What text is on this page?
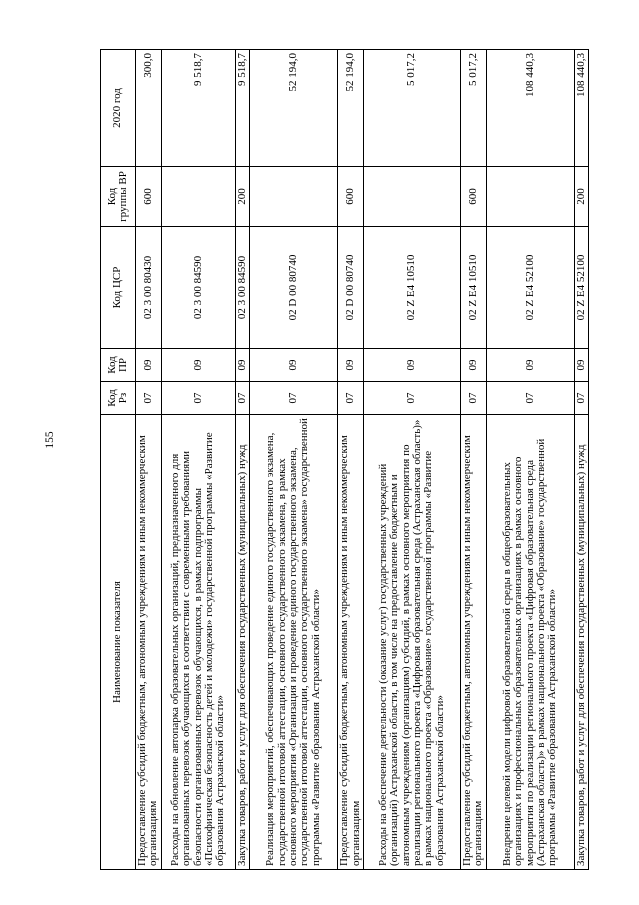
155
Наименование показателя	Код Рз	Код ПР	Код ЦСР	Код группы ВР	2020 год
Предоставление субсидий бюджетным, автономным учреждениям и иным некоммерческим организациям	07	09	02 3 00 80430	600	300,0
Расходы на обновление автопарка образовательных организаций, предназначенного для организованных перевозок обучающихся в соответствии с современными требованиями безопасности организованных перевозок обучающихся, в рамках подпрограммы «Психофизическая безопасность детей и молодежи» государственной программы «Развитие образования Астраханской области»	07	09	02 3 00 84590		9 518,7
Закупка товаров, работ и услуг для обеспечения государственных (муниципальных) нужд	07	09	02 3 00 84590	200	9 518,7
Реализация мероприятий, обеспечивающих проведение единого государственного экзамена, государственной итоговой аттестации, основного государственного экзамена, в рамках основного мероприятия «Организация и проведение единого государственного экзамена, государственной итоговой аттестации, основного государственного экзамена» государственной программы «Развитие образования Астраханской области»	07	09	02 D 00 80740		52 194,0
Предоставление субсидий бюджетным, автономным учреждениям и иным некоммерческим организациям	07	09	02 D 00 80740	600	52 194,0
Расходы на обеспечение деятельности (оказание услуг) государственных учреждений (организаций) Астраханской области, в том числе на предоставление бюджетным и автономным учреждениям (организациям) субсидий, в рамках основного мероприятия по реализации регионального проекта «Цифровая образовательная среда (Астраханская область)» в рамках национального проекта «Образование» государственной программы «Развитие образования Астраханской области»	07	09	02 Z E4 10510		5 017,2
Предоставление субсидий бюджетным, автономным учреждениям и иным некоммерческим организациям	07	09	02 Z E4 10510	600	5 017,2
Внедрение целевой модели цифровой образовательной среды в общеобразовательных организациях и профессиональных образовательных организациях в рамках основного мероприятия по реализации регионального проекта «Цифровая образовательная среда (Астраханская область)» в рамках национального проекта «Образование» государственной программы «Развитие образования Астраханской области»	07	09	02 Z E4 52100		108 440,3
Закупка товаров, работ и услуг для обеспечения государственных (муниципальных) нужд	07	09	02 Z E4 52100	200	108 440,3
